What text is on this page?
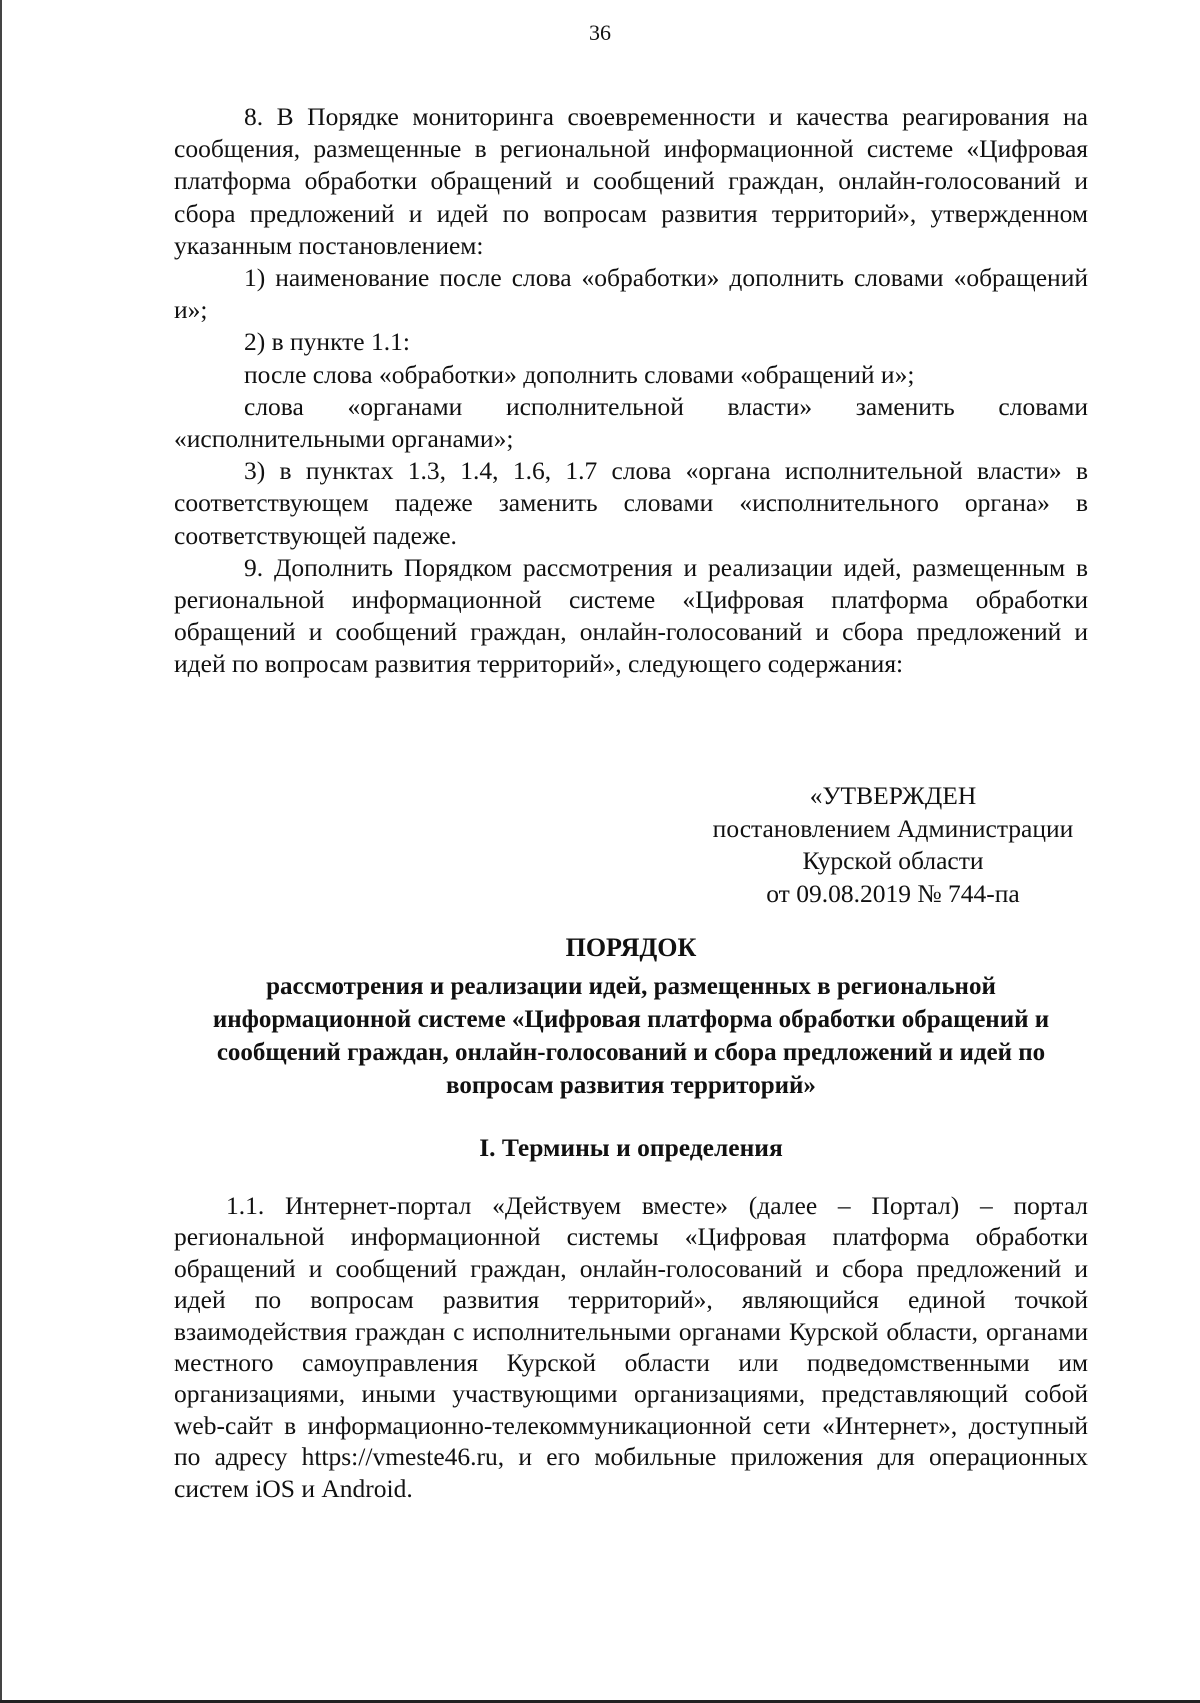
36

8. В Порядке мониторинга своевременности и качества реагирования на сообщения, размещенные в региональной информационной системе «Цифровая платформа обработки обращений и сообщений граждан, онлайн-голосований и сбора предложений и идей по вопросам развития территорий», утвержденном указанным постановлением:

1) наименование после слова «обработки» дополнить словами «обращений и»;

2) в пункте 1.1:

после слова «обработки» дополнить словами «обращений и»;

слова «органами исполнительной власти» заменить словами «исполнительными органами»;

3) в пунктах 1.3, 1.4, 1.6, 1.7 слова «органа исполнительной власти» в соответствующем падеже заменить словами «исполнительного органа» в соответствующей падеже.

9. Дополнить Порядком рассмотрения и реализации идей, размещенным в региональной информационной системе «Цифровая платформа обработки обращений и сообщений граждан, онлайн-голосований и сбора предложений и идей по вопросам развития территорий», следующего содержания:

«УТВЕРЖДЕН
постановлением Администрации
Курской области
от 09.08.2019 № 744-па
ПОРЯДОК
рассмотрения и реализации идей, размещенных в региональной информационной системе «Цифровая платформа обработки обращений и сообщений граждан, онлайн-голосований и сбора предложений и идей по вопросам развития территорий»
I. Термины и определения

1.1. Интернет-портал «Действуем вместе» (далее – Портал) – портал региональной информационной системы «Цифровая платформа обработки обращений и сообщений граждан, онлайн-голосований и сбора предложений и идей по вопросам развития территорий», являющийся единой точкой взаимодействия граждан с исполнительными органами Курской области, органами местного самоуправления Курской области или подведомственными им организациями, иными участвующими организациями, представляющий собой web-сайт в информационно-телекоммуникационной сети «Интернет», доступный по адресу https://vmeste46.ru, и его мобильные приложения для операционных систем iOS и Android.
